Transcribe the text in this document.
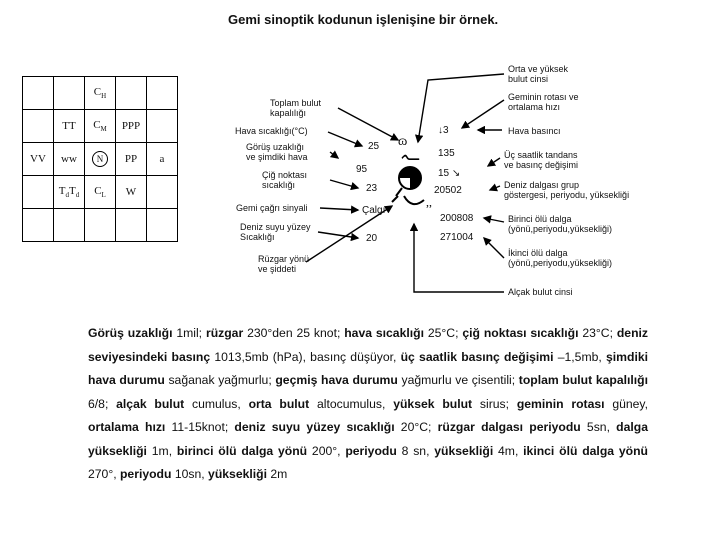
Gemi sinoptik kodunun işlenişine bir örnek.
		$C_H$		
	TT	$C_M$	PPP	
VV	ww	N	PP	a
	$T_dT_d$	$C_L$	W	

ـہ
ɷ
,,
Toplam bulut
kapalılığı
Hava sıcaklığı(°C)
Görüş uzaklığı
ve şimdiki hava
Çiğ noktası
sıcaklığı
Gemi çağrı sinyali
Deniz suyu yüzey
Sıcaklığı
Rüzgar yönü
ve şiddeti
25
95
23
Çalgı
20
↓3
135
15 ↘
20502
200808
271004
Orta ve yüksek
bulut cinsi
Geminin rotası ve
ortalama hızı
Hava basıncı
Üç saatlik tandans
ve basınç değişimi
Deniz dalgası grup
göstergesi, periyodu, yüksekliği
Birinci ölü dalga
(yönü,periyodu,yüksekliği)
İkinci ölü dalga
(yönü,periyodu,yüksekliği)
Alçak bulut cinsi

Görüş uzaklığı 1mil; rüzgar 230°den 25 knot; hava sıcaklığı 25°C; çiğ noktası sıcaklığı 23°C; deniz seviyesindeki basınç 1013,5mb (hPa), basınç düşüyor, üç saatlik basınç değişimi –1,5mb, şimdiki hava durumu sağanak yağmurlu; geçmiş hava durumu yağmurlu ve çisentili; toplam bulut kapalılığı 6/8; alçak bulut cumulus, orta bulut altocumulus, yüksek bulut sirus; geminin rotası güney, ortalama hızı 11-15knot; deniz suyu yüzey sıcaklığı 20°C; rüzgar dalgası periyodu 5sn, dalga yüksekliği 1m, birinci ölü dalga yönü 200°, periyodu 8 sn, yüksekliği 4m, ikinci ölü dalga yönü 270°, periyodu 10sn, yüksekliği 2m
